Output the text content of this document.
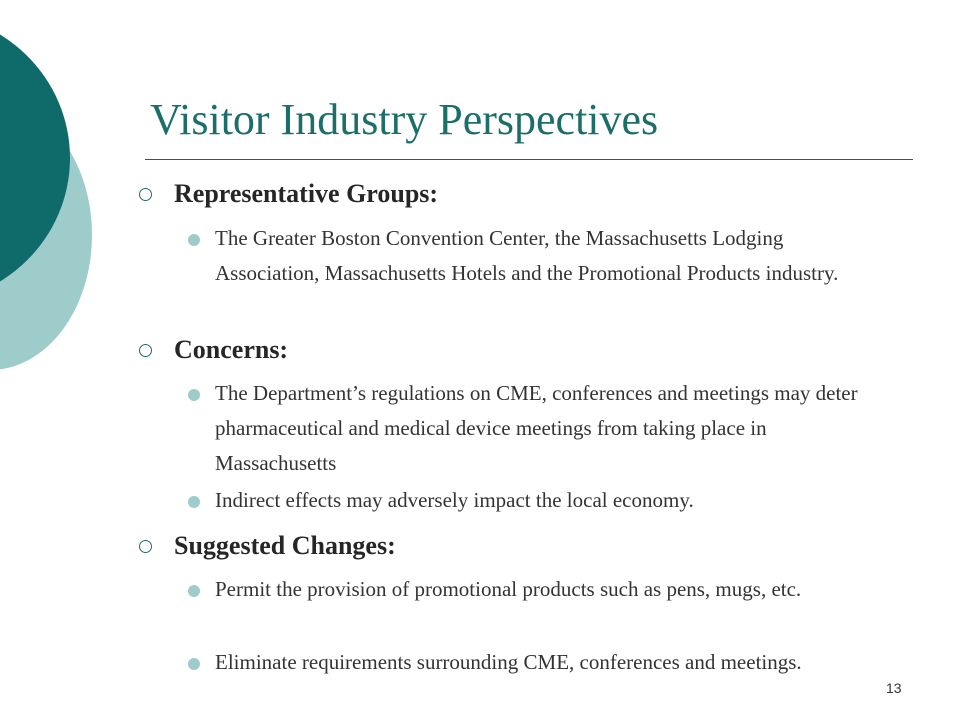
Visitor Industry Perspectives
Representative Groups:
The Greater Boston Convention Center, the Massachusetts Lodging Association, Massachusetts Hotels and the Promotional Products industry.
Concerns:
The Department’s regulations on CME, conferences and meetings may deter pharmaceutical and medical device meetings from taking place in Massachusetts
Indirect effects may adversely impact the local economy.
Suggested Changes:
Permit the provision of promotional products such as pens, mugs, etc.
Eliminate requirements surrounding CME, conferences and meetings.
13
